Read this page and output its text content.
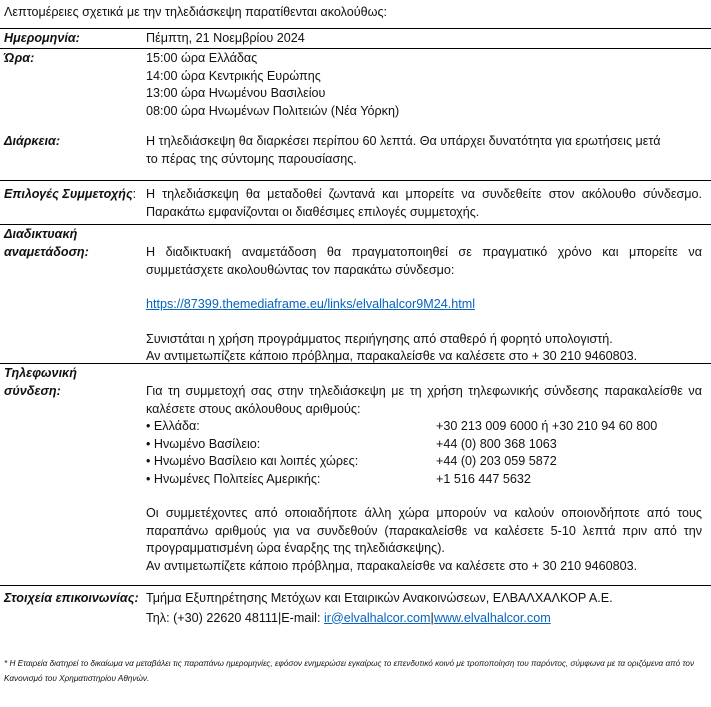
Λεπτομέρειες σχετικά με την τηλεδιάσκεψη παρατίθενται ακολούθως:
Ημερομηνία:	Πέμπτη, 21 Νοεμβρίου 2024
Ώρα:	15:00 ώρα Ελλάδας
14:00 ώρα Κεντρικής Ευρώπης
13:00 ώρα Ηνωμένου Βασιλείου
08:00 ώρα Ηνωμένων Πολιτειών (Νέα Υόρκη)
Διάρκεια:	Η τηλεδιάσκεψη θα διαρκέσει περίπου 60 λεπτά. Θα υπάρχει δυνατότητα για ερωτήσεις μετά
το πέρας της σύντομης παρουσίασης.
Επιλογές Συμμετοχής: Η τηλεδιάσκεψη θα μεταδοθεί ζωντανά και μπορείτε να συνδεθείτε στον ακόλουθο σύνδεσμο. Παρακάτω εμφανίζονται οι διαθέσιμες επιλογές συμμετοχής.
Διαδικτυακή
αναμετάδοση:	Η διαδικτυακή αναμετάδοση θα πραγματοποιηθεί σε πραγματικό χρόνο και μπορείτε να συμμετάσχετε ακολουθώντας τον παρακάτω σύνδεσμο:
https://87399.themediaframe.eu/links/elvalhalcor9M24.html
Συνιστάται η χρήση προγράμματος περιήγησης από σταθερό ή φορητό υπολογιστή.
Αν αντιμετωπίζετε κάποιο πρόβλημα, παρακαλείσθε να καλέσετε στο + 30 210 9460803.
Τηλεφωνική
σύνδεση:	Για τη συμμετοχή σας στην τηλεδιάσκεψη με τη χρήση τηλεφωνικής σύνδεσης παρακαλείσθε να καλέσετε στους ακόλουθους αριθμούς:
• Ελλάδα:	+30 213 009 6000 ή +30 210 94 60 800
• Ηνωμένο Βασίλειο:	+44 (0) 800 368 1063
• Ηνωμένο Βασίλειο και λοιπές χώρες:	+44 (0) 203 059 5872
• Ηνωμένες Πολιτείες Αμερικής:	+1 516 447 5632
Οι συμμετέχοντες από οποιαδήποτε άλλη χώρα μπορούν να καλούν οποιονδήποτε από τους παραπάνω αριθμούς για να συνδεθούν (παρακαλείσθε να καλέσετε 5-10 λεπτά πριν από την προγραμματισμένη ώρα έναρξης της τηλεδιάσκεψης).
Αν αντιμετωπίζετε κάποιο πρόβλημα, παρακαλείσθε να καλέσετε στο + 30 210 9460803.
Στοιχεία επικοινωνίας: Τμήμα Εξυπηρέτησης Μετόχων και Εταιρικών Ανακοινώσεων, ΕΛΒΑΛΧΑΛΚΟΡ Α.Ε.
Τηλ: (+30) 22620 48111|E-mail: ir@elvalhalcor.com|www.elvalhalcor.com
* Η Εταιρεία διατηρεί το δικαίωμα να μεταβάλει τις παραπάνω ημερομηνίες, εφόσον ενημερώσει εγκαίρως το επενδυτικό κοινό με τροποποίηση του παρόντος, σύμφωνα με τα οριζόμενα από τον Κανονισμό του Χρηματιστηρίου Αθηνών.
